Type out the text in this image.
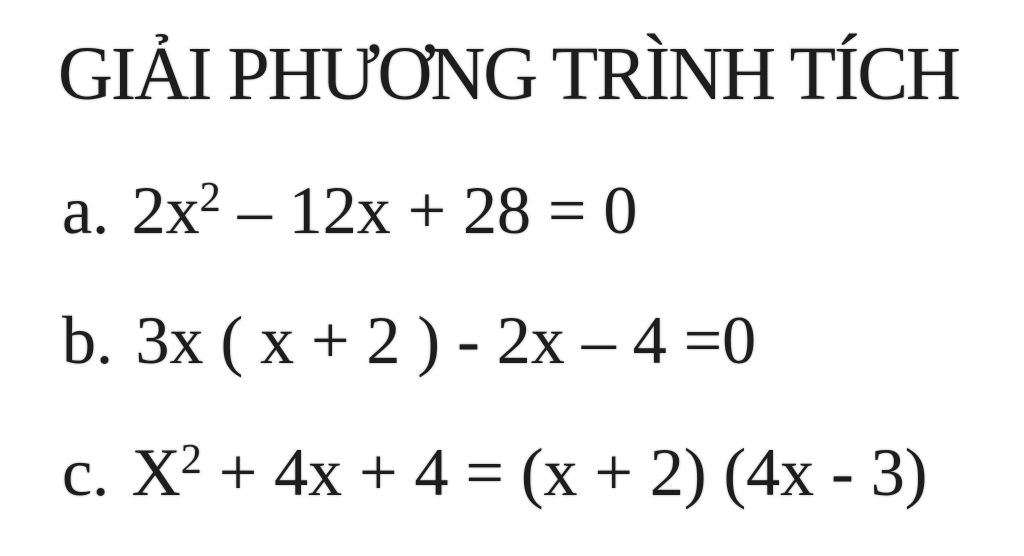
GIẢI PHƯƠNG TRÌNH TÍCH
a. $2x^2 - 12x + 28 = 0$
b. 3x ( x + 2 ) - 2x – 4 =0
c. $X^2 + 4x + 4 = (x + 2)$ (4x - 3)
